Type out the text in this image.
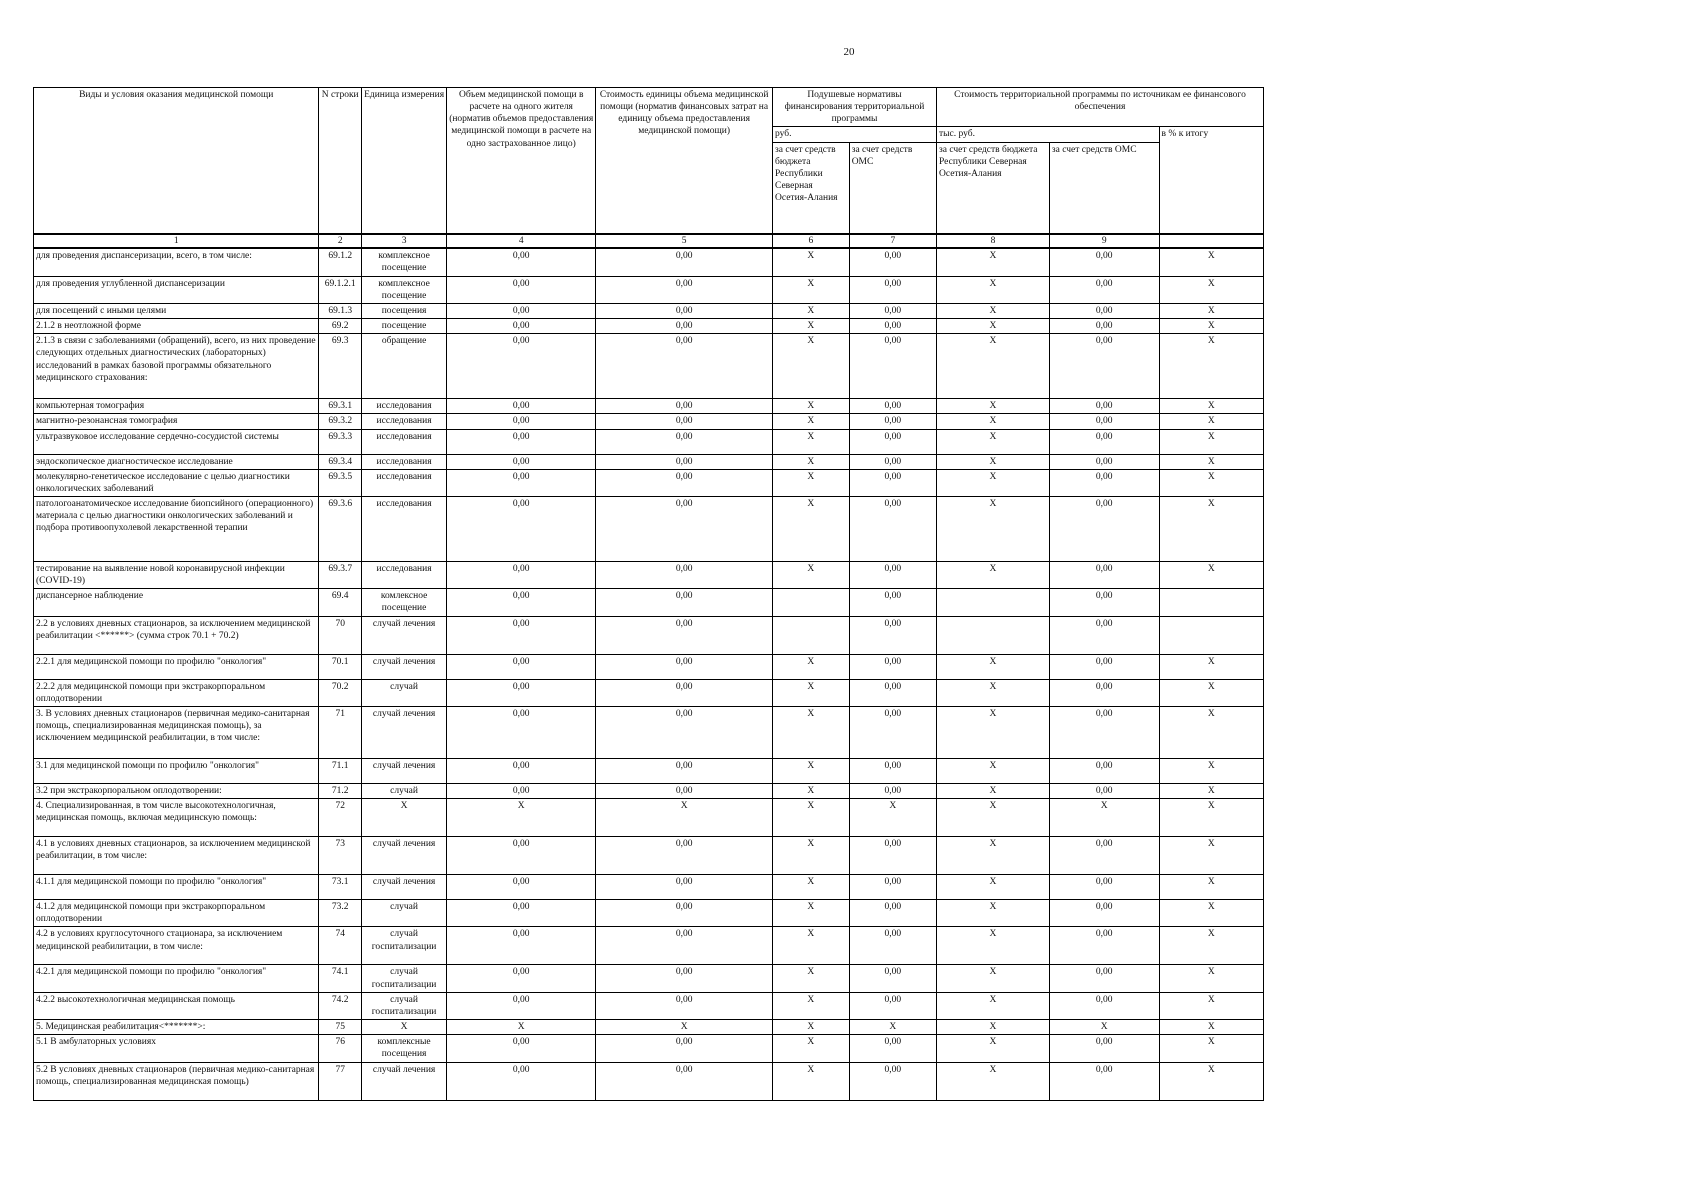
20
Виды и условия оказания медицинской помощи	N строки	Единица измерения	Объем медицинской помощи в расчете на одного жителя (норматив объемов предоставления медицинской помощи в расчете на одно застрахованное лицо)	Стоимость единицы объема медицинской помощи (норматив финансовых затрат на единицу объема предоставления медицинской помощи)	Подушевые нормативы финансирования территориальной программы		Стоимость территориальной программы по источникам ее финансового обеспечения		
					руб.		тыс. руб.		в % к итогу
					за счет средств бюджета Республики Северная Осетия-Алания	за счет средств ОМС	за счет средств бюджета Республики Северная Осетия-Алания	за счет средств ОМС	
1	2	3	4	5	6	7	8	9	
для проведения диспансеризации, всего, в том числе:	69.1.2	комплексное посещение	0,00	0,00	X	0,00	X	0,00	X
для проведения углубленной диспансеризации	69.1.2.1	комплексное посещение	0,00	0,00	X	0,00	X	0,00	X
для посещений с иными целями	69.1.3	посещения	0,00	0,00	X	0,00	X	0,00	X
2.1.2 в неотложной форме	69.2	посещение	0,00	0,00	X	0,00	X	0,00	X
2.1.3 в связи с заболеваниями (обращений), всего, из них проведение следующих отдельных диагностических (лабораторных) исследований в рамках базовой программы обязательного медицинского страхования:	69.3	обращение	0,00	0,00	X	0,00	X	0,00	X
компьютерная томография	69.3.1	исследования	0,00	0,00	X	0,00	X	0,00	X
магнитно-резонансная томография	69.3.2	исследования	0,00	0,00	X	0,00	X	0,00	X
ультразвуковое исследование сердечно-сосудистой системы	69.3.3	исследования	0,00	0,00	X	0,00	X	0,00	X
эндоскопическое диагностическое исследование	69.3.4	исследования	0,00	0,00	X	0,00	X	0,00	X
молекулярно-генетическое исследование с целью диагностики онкологических заболеваний	69.3.5	исследования	0,00	0,00	X	0,00	X	0,00	X
патологоанатомическое исследование биопсийного (операционного) материала с целью диагностики онкологических заболеваний и подбора противоопухолевой лекарственной терапии	69.3.6	исследования	0,00	0,00	X	0,00	X	0,00	X
тестирование на выявление новой коронавирусной инфекции (COVID-19)	69.3.7	исследования	0,00	0,00	X	0,00	X	0,00	X
диспансерное наблюдение	69.4	комлексное посещение	0,00	0,00		0,00		0,00	
2.2 в условиях дневных стационаров, за исключением медицинской реабилитации <******> (сумма строк 70.1 + 70.2)	70	случай лечения	0,00	0,00		0,00		0,00	
2.2.1 для медицинской помощи по профилю "онкология"	70.1	случай лечения	0,00	0,00	X	0,00	X	0,00	X
2.2.2 для медицинской помощи при экстракорпоральном оплодотворении	70.2	случай	0,00	0,00	X	0,00	X	0,00	X
3. В условиях дневных стационаров (первичная медико-санитарная помощь, специализированная медицинская помощь), за исключением медицинской реабилитации, в том числе:	71	случай лечения	0,00	0,00	X	0,00	X	0,00	X
3.1 для медицинской помощи по профилю "онкология"	71.1	случай лечения	0,00	0,00	X	0,00	X	0,00	X
3.2 при экстракорпоральном оплодотворении:	71.2	случай	0,00	0,00	X	0,00	X	0,00	X
4. Специализированная, в том числе высокотехнологичная, медицинская помощь, включая медицинскую помощь:	72	X	X	X	X	X	X	X	X
4.1 в условиях дневных стационаров, за исключением медицинской реабилитации, в том числе:	73	случай лечения	0,00	0,00	X	0,00	X	0,00	X
4.1.1 для медицинской помощи по профилю "онкология"	73.1	случай лечения	0,00	0,00	X	0,00	X	0,00	X
4.1.2 для медицинской помощи при экстракорпоральном оплодотворении	73.2	случай	0,00	0,00	X	0,00	X	0,00	X
4.2 в условиях круглосуточного стационара, за исключением медицинской реабилитации, в том числе:	74	случай госпитализации	0,00	0,00	X	0,00	X	0,00	X
4.2.1 для медицинской помощи по профилю "онкология"	74.1	случай госпитализации	0,00	0,00	X	0,00	X	0,00	X
4.2.2 высокотехнологичная медицинская помощь	74.2	случай госпитализации	0,00	0,00	X	0,00	X	0,00	X
5. Медицинская реабилитация<*******>:	75	X	X	X	X	X	X	X	X
5.1 В амбулаторных условиях	76	комплексные посещения	0,00	0,00	X	0,00	X	0,00	X
5.2 В условиях дневных стационаров (первичная медико-санитарная помощь, специализированная медицинская помощь)	77	случай лечения	0,00	0,00	X	0,00	X	0,00	X
